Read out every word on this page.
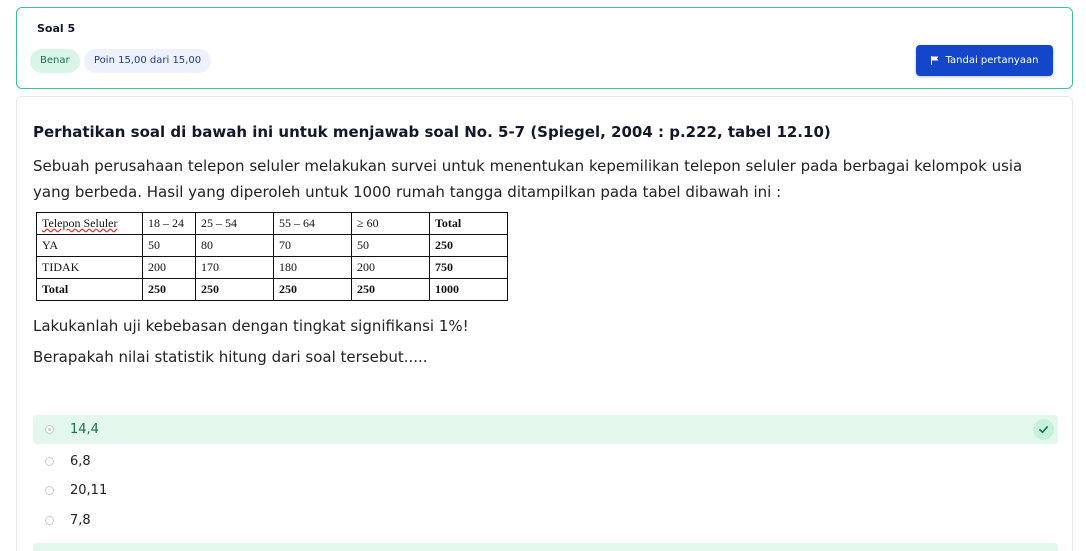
Soal 5
Benar	Poin 15,00 dari 15,00	Tandai pertanyaan
Perhatikan soal di bawah ini untuk menjawab soal No. 5-7 (Spiegel, 2004 : p.222, tabel 12.10)
Sebuah perusahaan telepon seluler melakukan survei untuk menentukan kepemilikan telepon seluler pada berbagai kelompok usia yang berbeda. Hasil yang diperoleh untuk 1000 rumah tangga ditampilkan pada tabel dibawah ini :
Telepon Seluler	18 – 24	25 – 54	55 – 64	≥ 60	Total
YA	50	80	70	50	250
TIDAK	200	170	180	200	750
Total	250	250	250	250	1000
Lakukanlah uji kebebasan dengan tingkat signifikansi 1%!
Berapakah nilai statistik hitung dari soal tersebut.....
14,4
6,8
20,11
7,8
